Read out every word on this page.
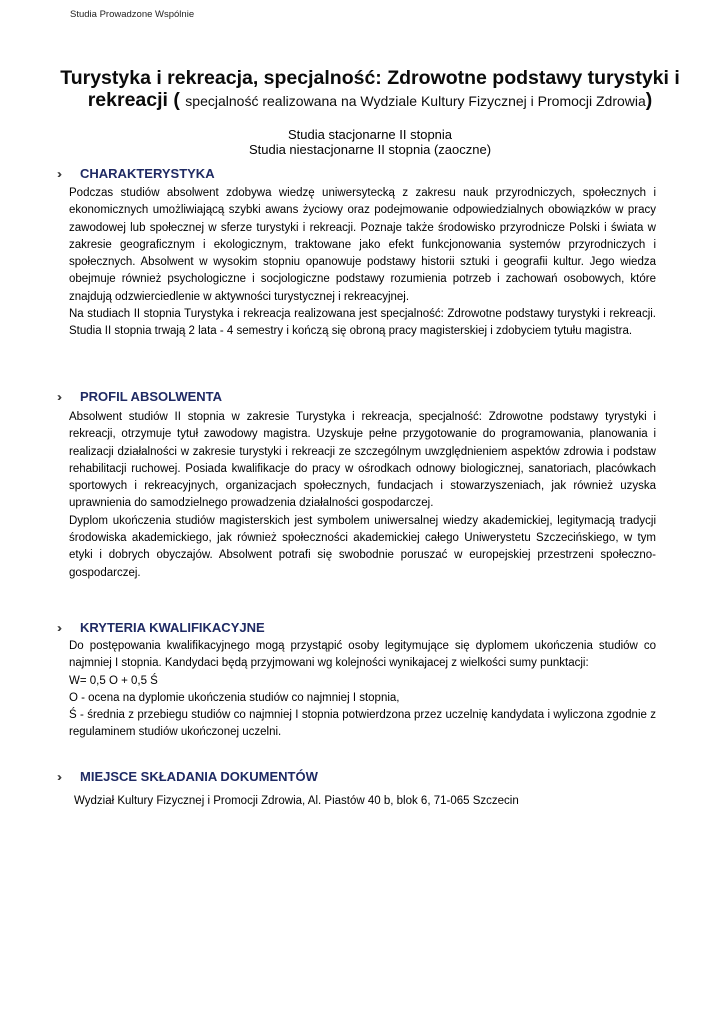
Studia Prowadzone Wspólnie
Turystyka i rekreacja, specjalność: Zdrowotne podstawy turystyki i rekreacji ( specjalność realizowana na Wydziale Kultury Fizycznej i Promocji Zdrowia)
Studia stacjonarne II stopnia
Studia niestacjonarne II stopnia (zaoczne)
››	CHARAKTERYSTYKA

Podczas studiów absolwent zdobywa wiedzę uniwersytecką z zakresu nauk przyrodniczych, społecznych i ekonomicznych umożliwiającą szybki awans życiowy oraz podejmowanie odpowiedzialnych obowiązków w pracy zawodowej lub społecznej w sferze turystyki i rekreacji. Poznaje także środowisko przyrodnicze Polski i świata w zakresie geograficznym i ekologicznym, traktowane jako efekt funkcjonowania systemów przyrodniczych i społecznych. Absolwent w wysokim stopniu opanowuje podstawy historii sztuki i geografii kultur. Jego wiedza obejmuje również psychologiczne i socjologiczne podstawy rozumienia potrzeb i zachowań osobowych, które znajdują odzwierciedlenie w aktywności turystycznej i rekreacyjnej.

Na studiach II stopnia Turystyka i rekreacja realizowana jest specjalność: Zdrowotne podstawy turystyki i rekreacji. Studia II stopnia trwają 2 lata - 4 semestry i kończą się obroną pracy magisterskiej i zdobyciem tytułu magistra.

››	PROFIL ABSOLWENTA

Absolwent studiów II stopnia w zakresie Turystyka i rekreacja, specjalność: Zdrowotne podstawy tyrystyki i rekreacji, otrzymuje tytuł zawodowy magistra. Uzyskuje pełne przygotowanie do programowania, planowania i realizacji działalności w zakresie turystyki i rekreacji ze szczególnym uwzględnieniem aspektów zdrowia i podstaw rehabilitacji ruchowej. Posiada kwalifikacje do pracy w ośrodkach odnowy biologicznej, sanatoriach, placówkach sportowych i rekreacyjnych, organizacjach społecznych, fundacjach i stowarzyszeniach, jak również uzyska uprawnienia do samodzielnego prowadzenia działalności gospodarczej.

Dyplom ukończenia studiów magisterskich jest symbolem uniwersalnej wiedzy akademickiej, legitymacją tradycji środowiska akademickiego, jak również społeczności akademickiej całego Uniwerystetu Szczecińskiego, w tym etyki i dobrych obyczajów. Absolwent potrafi się swobodnie poruszać w europejskiej przestrzeni społeczno-gospodarczej.

››	KRYTERIA KWALIFIKACYJNE

Do postępowania kwalifikacyjnego mogą przystąpić osoby legitymujące się dyplomem ukończenia studiów co najmniej I stopnia. Kandydaci będą przyjmowani wg kolejności wynikajacej z wielkości sumy punktacji:

W= 0,5 O + 0,5 Ś

O - ocena na dyplomie ukończenia studiów co najmniej I stopnia,

Ś - średnia z przebiegu studiów co najmniej I stopnia potwierdzona przez uczelnię kandydata i wyliczona zgodnie z regulaminem studiów ukończonej uczelni.

››	MIEJSCE SKŁADANIA DOKUMENTÓW
Wydział Kultury Fizycznej i Promocji Zdrowia, Al. Piastów 40 b, blok 6, 71-065 Szczecin
